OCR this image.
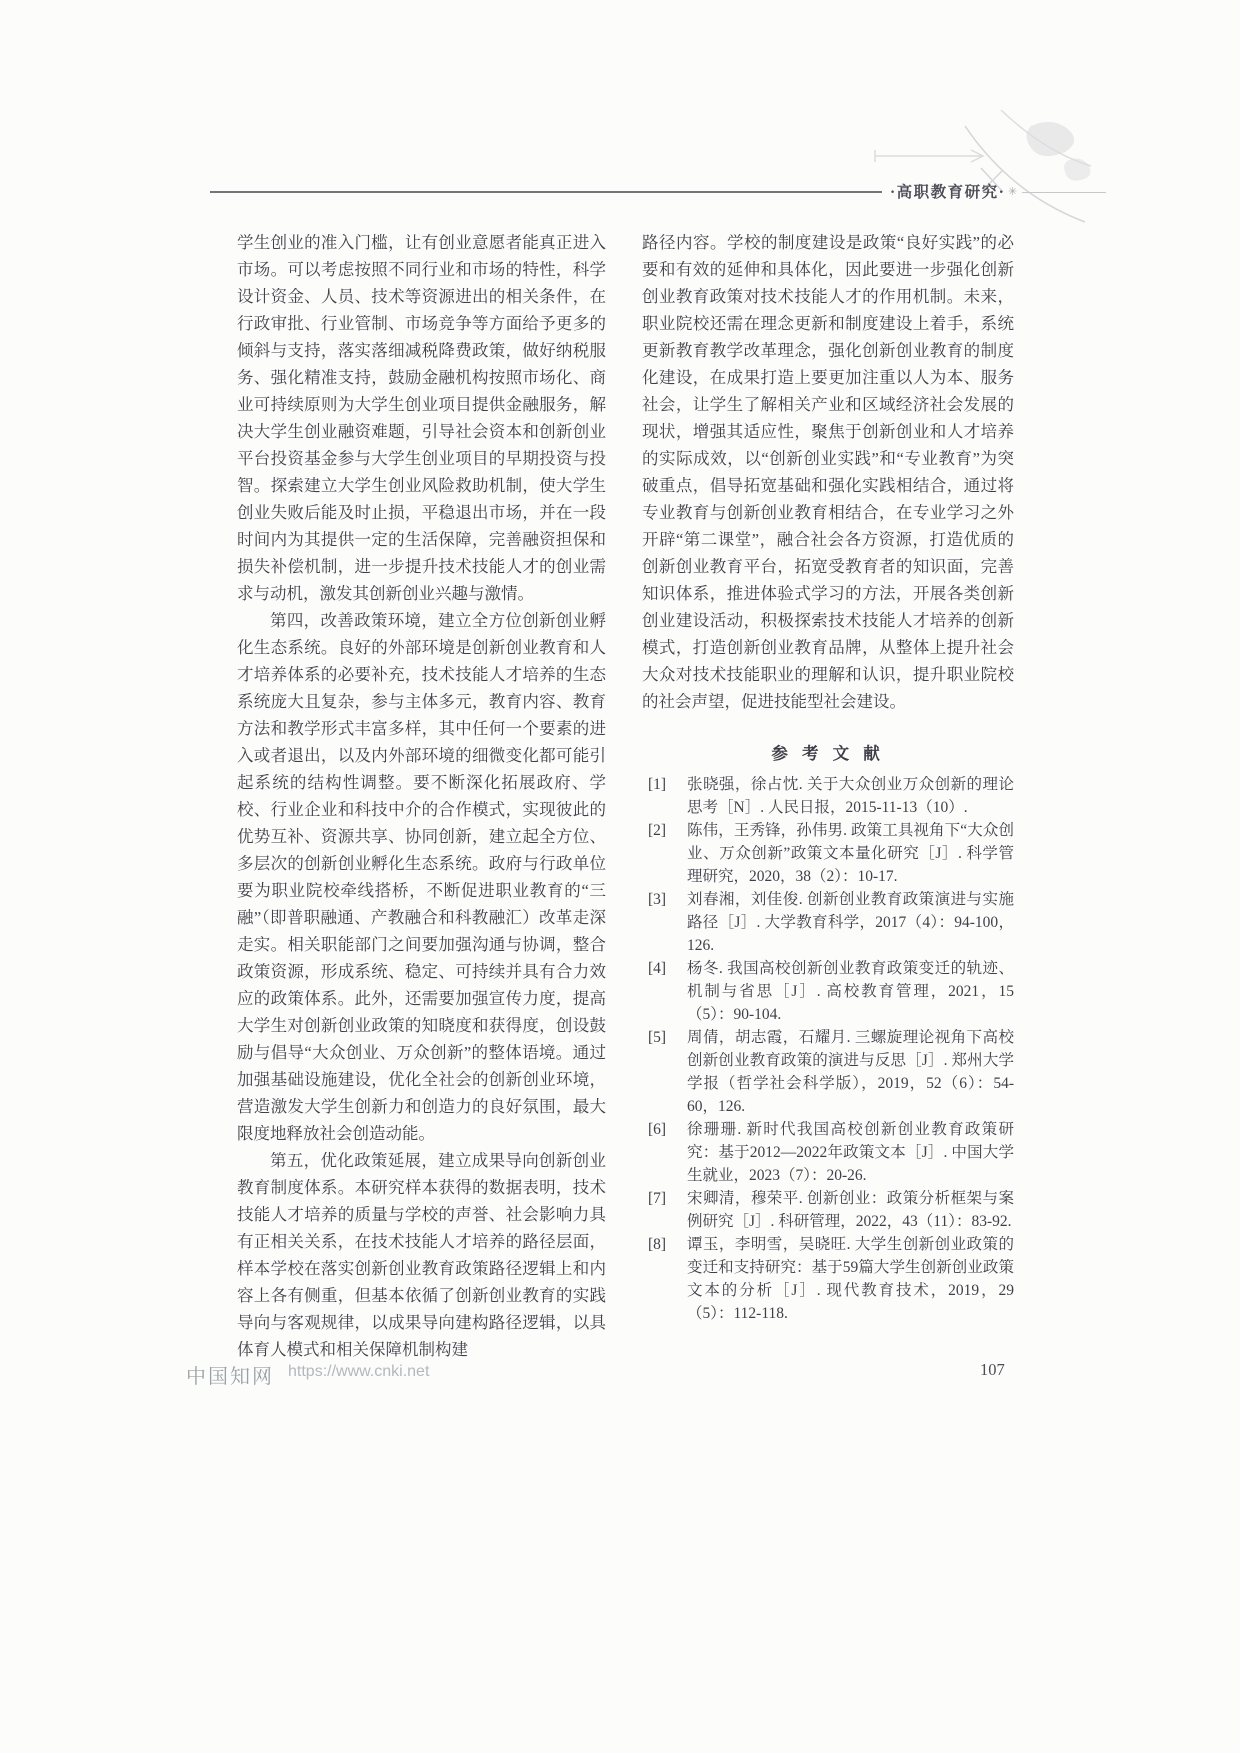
·高职教育研究· ✳

学生创业的准入门槛，让有创业意愿者能真正进入市场。可以考虑按照不同行业和市场的特性，科学设计资金、人员、技术等资源进出的相关条件，在行政审批、行业管制、市场竞争等方面给予更多的倾斜与支持，落实落细减税降费政策，做好纳税服务、强化精准支持，鼓励金融机构按照市场化、商业可持续原则为大学生创业项目提供金融服务，解决大学生创业融资难题，引导社会资本和创新创业平台投资基金参与大学生创业项目的早期投资与投智。探索建立大学生创业风险救助机制，使大学生创业失败后能及时止损，平稳退出市场，并在一段时间内为其提供一定的生活保障，完善融资担保和损失补偿机制，进一步提升技术技能人才的创业需求与动机，激发其创新创业兴趣与激情。

第四，改善政策环境，建立全方位创新创业孵化生态系统。良好的外部环境是创新创业教育和人才培养体系的必要补充，技术技能人才培养的生态系统庞大且复杂，参与主体多元，教育内容、教育方法和教学形式丰富多样，其中任何一个要素的进入或者退出，以及内外部环境的细微变化都可能引起系统的结构性调整。要不断深化拓展政府、学校、行业企业和科技中介的合作模式，实现彼此的优势互补、资源共享、协同创新，建立起全方位、多层次的创新创业孵化生态系统。政府与行政单位要为职业院校牵线搭桥，不断促进职业教育的“三融”（即普职融通、产教融合和科教融汇）改革走深走实。相关职能部门之间要加强沟通与协调，整合政策资源，形成系统、稳定、可持续并具有合力效应的政策体系。此外，还需要加强宣传力度，提高大学生对创新创业政策的知晓度和获得度，创设鼓励与倡导“大众创业、万众创新”的整体语境。通过加强基础设施建设，优化全社会的创新创业环境，营造激发大学生创新力和创造力的良好氛围，最大限度地释放社会创造动能。

第五，优化政策延展，建立成果导向创新创业教育制度体系。本研究样本获得的数据表明，技术技能人才培养的质量与学校的声誉、社会影响力具有正相关关系，在技术技能人才培养的路径层面，样本学校在落实创新创业教育政策路径逻辑上和内容上各有侧重，但基本依循了创新创业教育的实践导向与客观规律，以成果导向建构路径逻辑，以具体育人模式和相关保障机制构建

路径内容。学校的制度建设是政策“良好实践”的必要和有效的延伸和具体化，因此要进一步强化创新创业教育政策对技术技能人才的作用机制。未来，职业院校还需在理念更新和制度建设上着手，系统更新教育教学改革理念，强化创新创业教育的制度化建设，在成果打造上要更加注重以人为本、服务社会，让学生了解相关产业和区域经济社会发展的现状，增强其适应性，聚焦于创新创业和人才培养的实际成效，以“创新创业实践”和“专业教育”为突破重点，倡导拓宽基础和强化实践相结合，通过将专业教育与创新创业教育相结合，在专业学习之外开辟“第二课堂”，融合社会各方资源，打造优质的创新创业教育平台，拓宽受教育者的知识面，完善知识体系，推进体验式学习的方法，开展各类创新创业建设活动，积极探索技术技能人才培养的创新模式，打造创新创业教育品牌，从整体上提升社会大众对技术技能职业的理解和认识，提升职业院校的社会声望，促进技能型社会建设。

参 考 文 献
[1] 张晓强，徐占忱. 关于大众创业万众创新的理论思考［N］. 人民日报，2015-11-13（10）.
[2] 陈伟，王秀锋，孙伟男. 政策工具视角下“大众创业、万众创新”政策文本量化研究［J］. 科学管理研究，2020，38（2）：10-17.
[3] 刘春湘，刘佳俊. 创新创业教育政策演进与实施路径［J］. 大学教育科学，2017（4）：94-100，126.
[4] 杨冬. 我国高校创新创业教育政策变迁的轨迹、机制与省思［J］. 高校教育管理，2021，15（5）：90-104.
[5] 周倩，胡志霞，石耀月. 三螺旋理论视角下高校创新创业教育政策的演进与反思［J］. 郑州大学学报（哲学社会科学版），2019，52（6）：54-60，126.
[6] 徐珊珊. 新时代我国高校创新创业教育政策研究：基于2012—2022年政策文本［J］. 中国大学生就业，2023（7）：20-26.
[7] 宋卿清，穆荣平. 创新创业：政策分析框架与案例研究［J］. 科研管理，2022，43（11）：83-92.
[8] 谭玉，李明雪，吴晓旺. 大学生创新创业政策的变迁和支持研究：基于59篇大学生创新创业政策文本的分析［J］. 现代教育技术，2019，29（5）：112-118.
中国知网 https://www.cnki.net	107
